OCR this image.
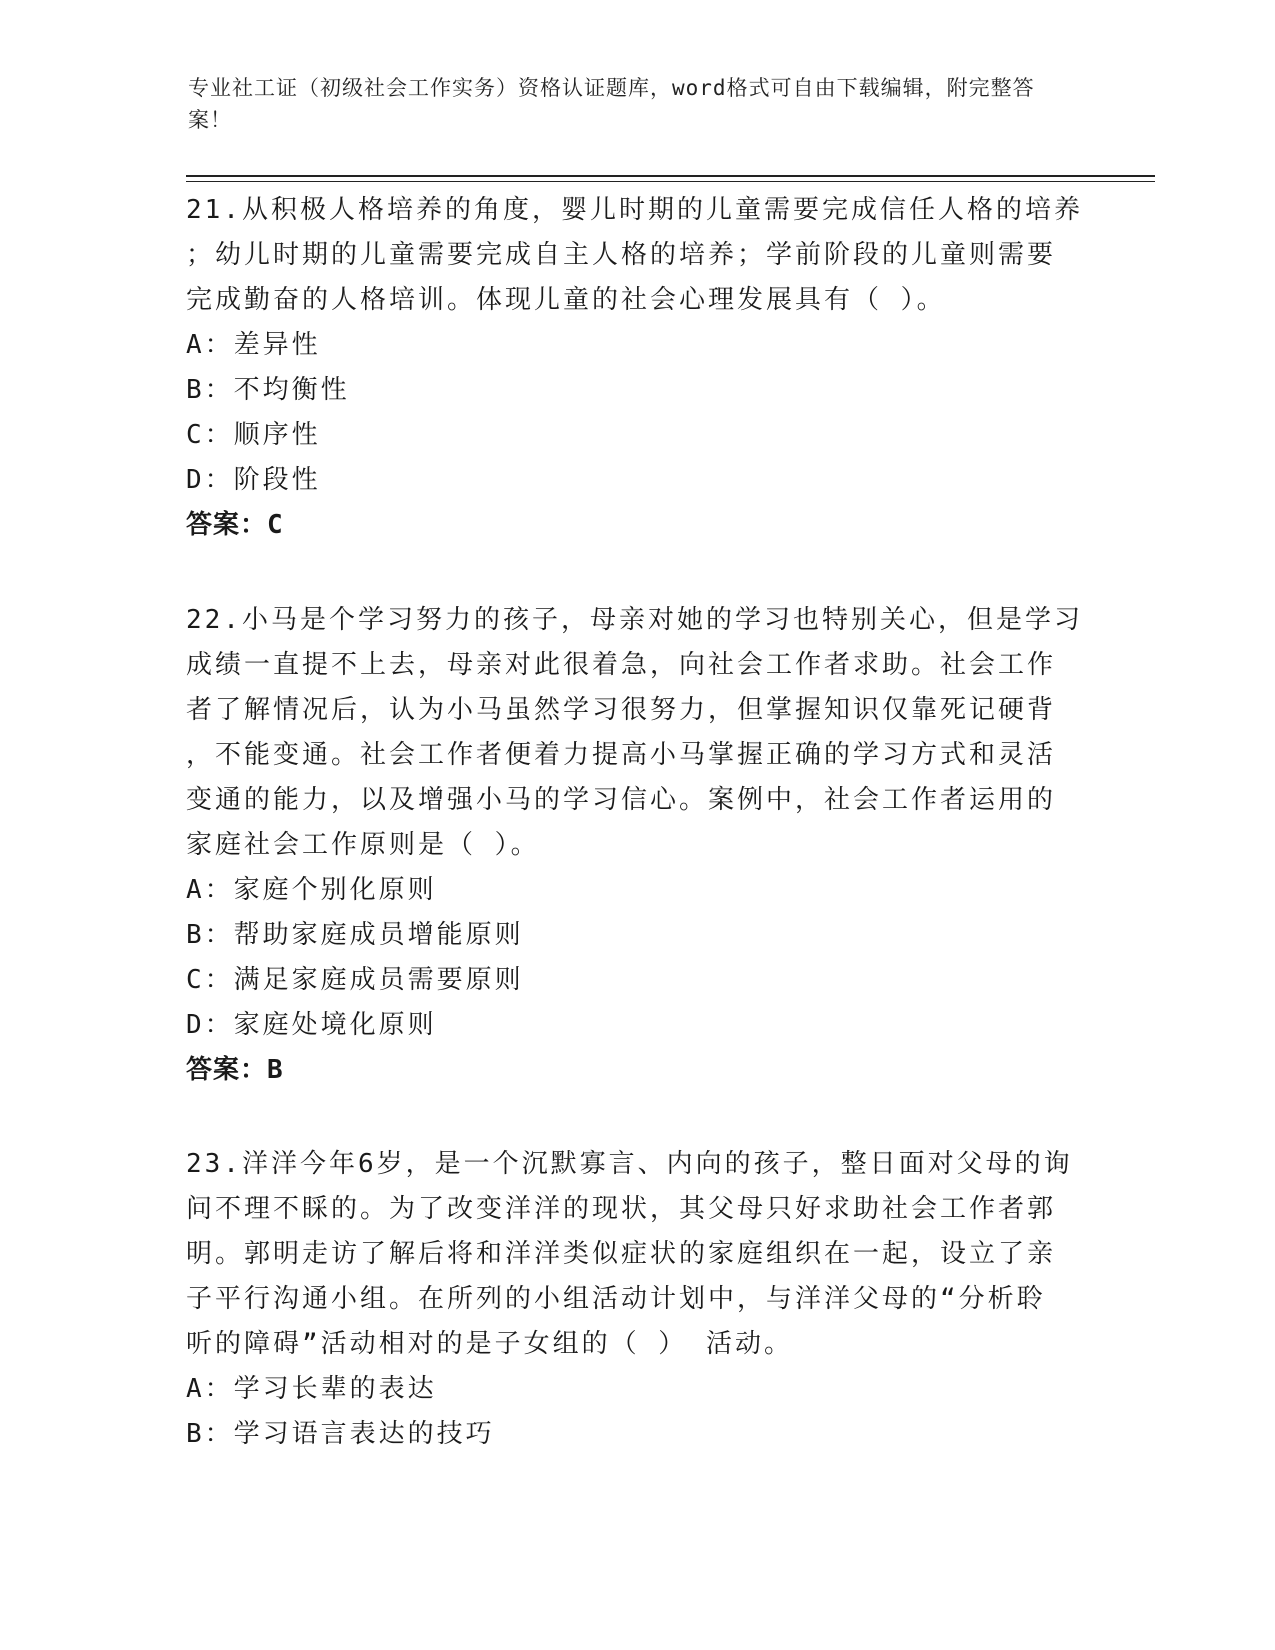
专业社工证（初级社会工作实务）资格认证题库，word格式可自由下载编辑，附完整答案！
21.从积极人格培养的角度，婴儿时期的儿童需要完成信任人格的培养
；幼儿时期的儿童需要完成自主人格的培养；学前阶段的儿童则需要
完成勤奋的人格培训。体现儿童的社会心理发展具有（ ）。
A：差异性
B：不均衡性
C：顺序性
D：阶段性
答案：C
22.小马是个学习努力的孩子，母亲对她的学习也特别关心，但是学习
成绩一直提不上去，母亲对此很着急，向社会工作者求助。社会工作
者了解情况后，认为小马虽然学习很努力，但掌握知识仅靠死记硬背
，不能变通。社会工作者便着力提高小马掌握正确的学习方式和灵活
变通的能力，以及增强小马的学习信心。案例中，社会工作者运用的
家庭社会工作原则是（ ）。
A：家庭个别化原则
B：帮助家庭成员增能原则
C：满足家庭成员需要原则
D：家庭处境化原则
答案：B
23.洋洋今年6岁，是一个沉默寡言、内向的孩子，整日面对父母的询
问不理不睬的。为了改变洋洋的现状，其父母只好求助社会工作者郭
明。郭明走访了解后将和洋洋类似症状的家庭组织在一起，设立了亲
子平行沟通小组。在所列的小组活动计划中，与洋洋父母的“分析聆
听的障碍”活动相对的是子女组的（ ） 活动。
A：学习长辈的表达
B：学习语言表达的技巧
